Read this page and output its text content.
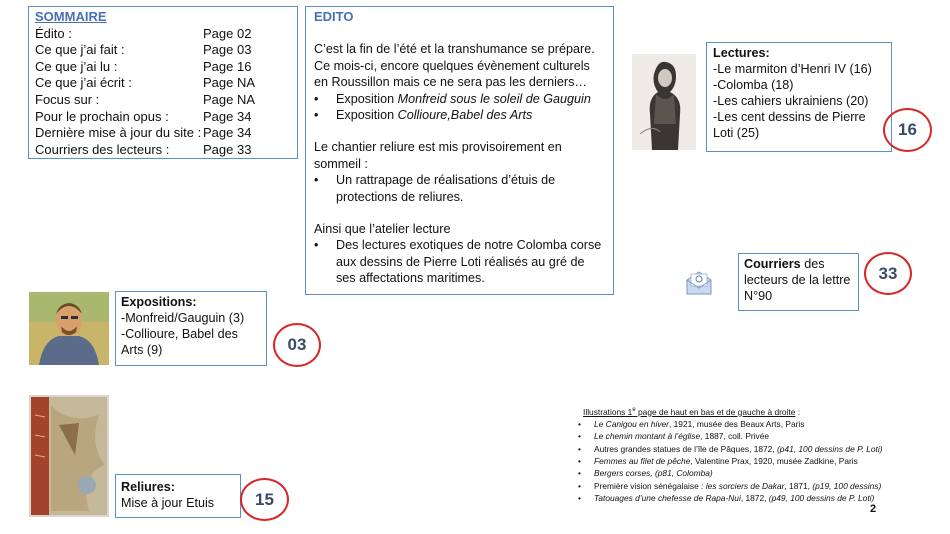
SOMMAIRE
Édito :	Page 02
Ce que j’ai fait :	Page 03
Ce que j’ai lu :	Page 16
Ce que j’ai écrit :	Page NA
Focus sur :	Page NA
Pour le prochain opus :	Page 34
Dernière mise à jour du site : Page 34
Courriers des lecteurs :	Page 33
EDITO

C’est la fin de l’été et la transhumance se prépare. Ce mois-ci, encore quelques évènement culturels en Roussillon mais ce ne sera pas les derniers…

•	Exposition Monfreid sous le soleil de Gauguin
•	Exposition Collioure,Babel des Arts

Le chantier reliure est mis provisoirement en sommeil :

•	Un rattrapage de réalisations d’étuis de protections de reliures.

Ainsi que l’atelier lecture

•	Des lectures exotiques de notre Colomba corse aux dessins de Pierre Loti réalisés au gré de ses affectations maritimes.
Lectures:
-Le marmiton d’Henri IV (16)
-Colomba (18)
-Les cahiers ukrainiens (20)
-Les cent dessins de Pierre Loti (25)	16
Courriers des lecteurs de la lettre N°90
33
Expositions:
-Monfreid/Gauguin (3)
-Collioure, Babel des Arts (9)	03
Reliures:
Mise à jour Etuis	15
Illustrations 1e page de haut en bas et de gauche à droite :
•	Le Canigou en hiver, 1921, musée des Beaux Arts, Paris
•	Le chemin montant à l’église, 1887, coll. Privée
•	Autres grandes statues de l’île de Pâques, 1872, (p41, 100 dessins de P. Loti)
•	Femmes au filet de pêche, Valentine Prax, 1920, musée Zadkine, Paris
•	Bergers corses, (p81, Colomba)
•	Première vision sénégalaise : les sorciers de Dakar, 1871, (p19, 100 dessins)
•	Tatouages d’une chefesse de Rapa-Nui, 1872, (p49, 100 dessins de P. Loti)
2
